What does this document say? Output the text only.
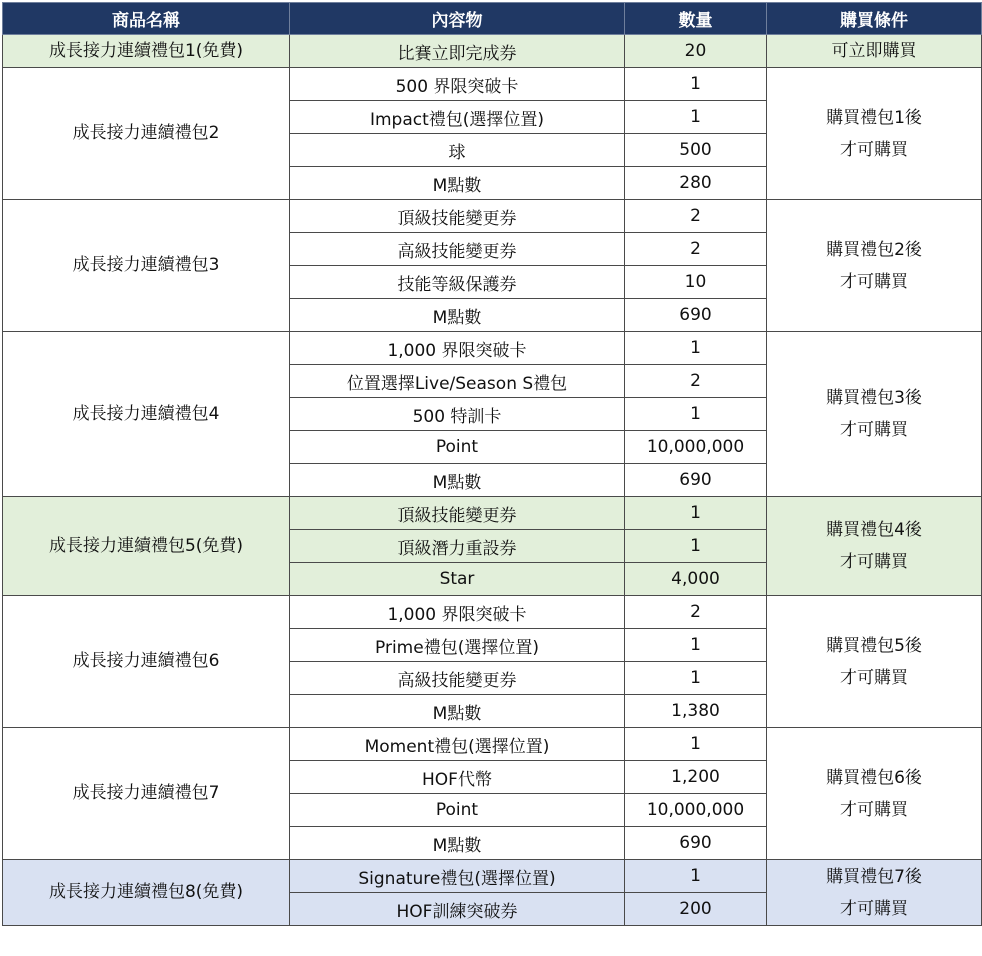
商品名稱	內容物	數量	購買條件
成長接力連續禮包1(免費)	比賽立即完成券	20	可立即購買

成長接力連續禮包2	500 界限突破卡	1	購買禮包1後
才可購買

	Impact禮包(選擇位置)	1	
	球	500	
	M點數	280	
成長接力連續禮包3	頂級技能變更券	2	購買禮包2後
才可購買

	高級技能變更券	2	
	技能等級保護券	10	
	M點數	690	
成長接力連續禮包4	1,000 界限突破卡	1	購買禮包3後
才可購買

	位置選擇Live/Season S禮包	2	
	500 特訓卡	1	
	Point	10,000,000	
	M點數	690	
成長接力連續禮包5(免費)	頂級技能變更券	1	購買禮包4後
才可購買

	頂級潛力重設券	1	
	Star	4,000	
成長接力連續禮包6	1,000 界限突破卡	2	購買禮包5後
才可購買

	Prime禮包(選擇位置)	1	
	高級技能變更券	1	
	M點數	1,380	
成長接力連續禮包7	Moment禮包(選擇位置)	1	購買禮包6後
才可購買

	HOF代幣	1,200	
	Point	10,000,000	
	M點數	690	
成長接力連續禮包8(免費)	Signature禮包(選擇位置)	1	購買禮包7後
才可購買

	HOF訓練突破券	200	
